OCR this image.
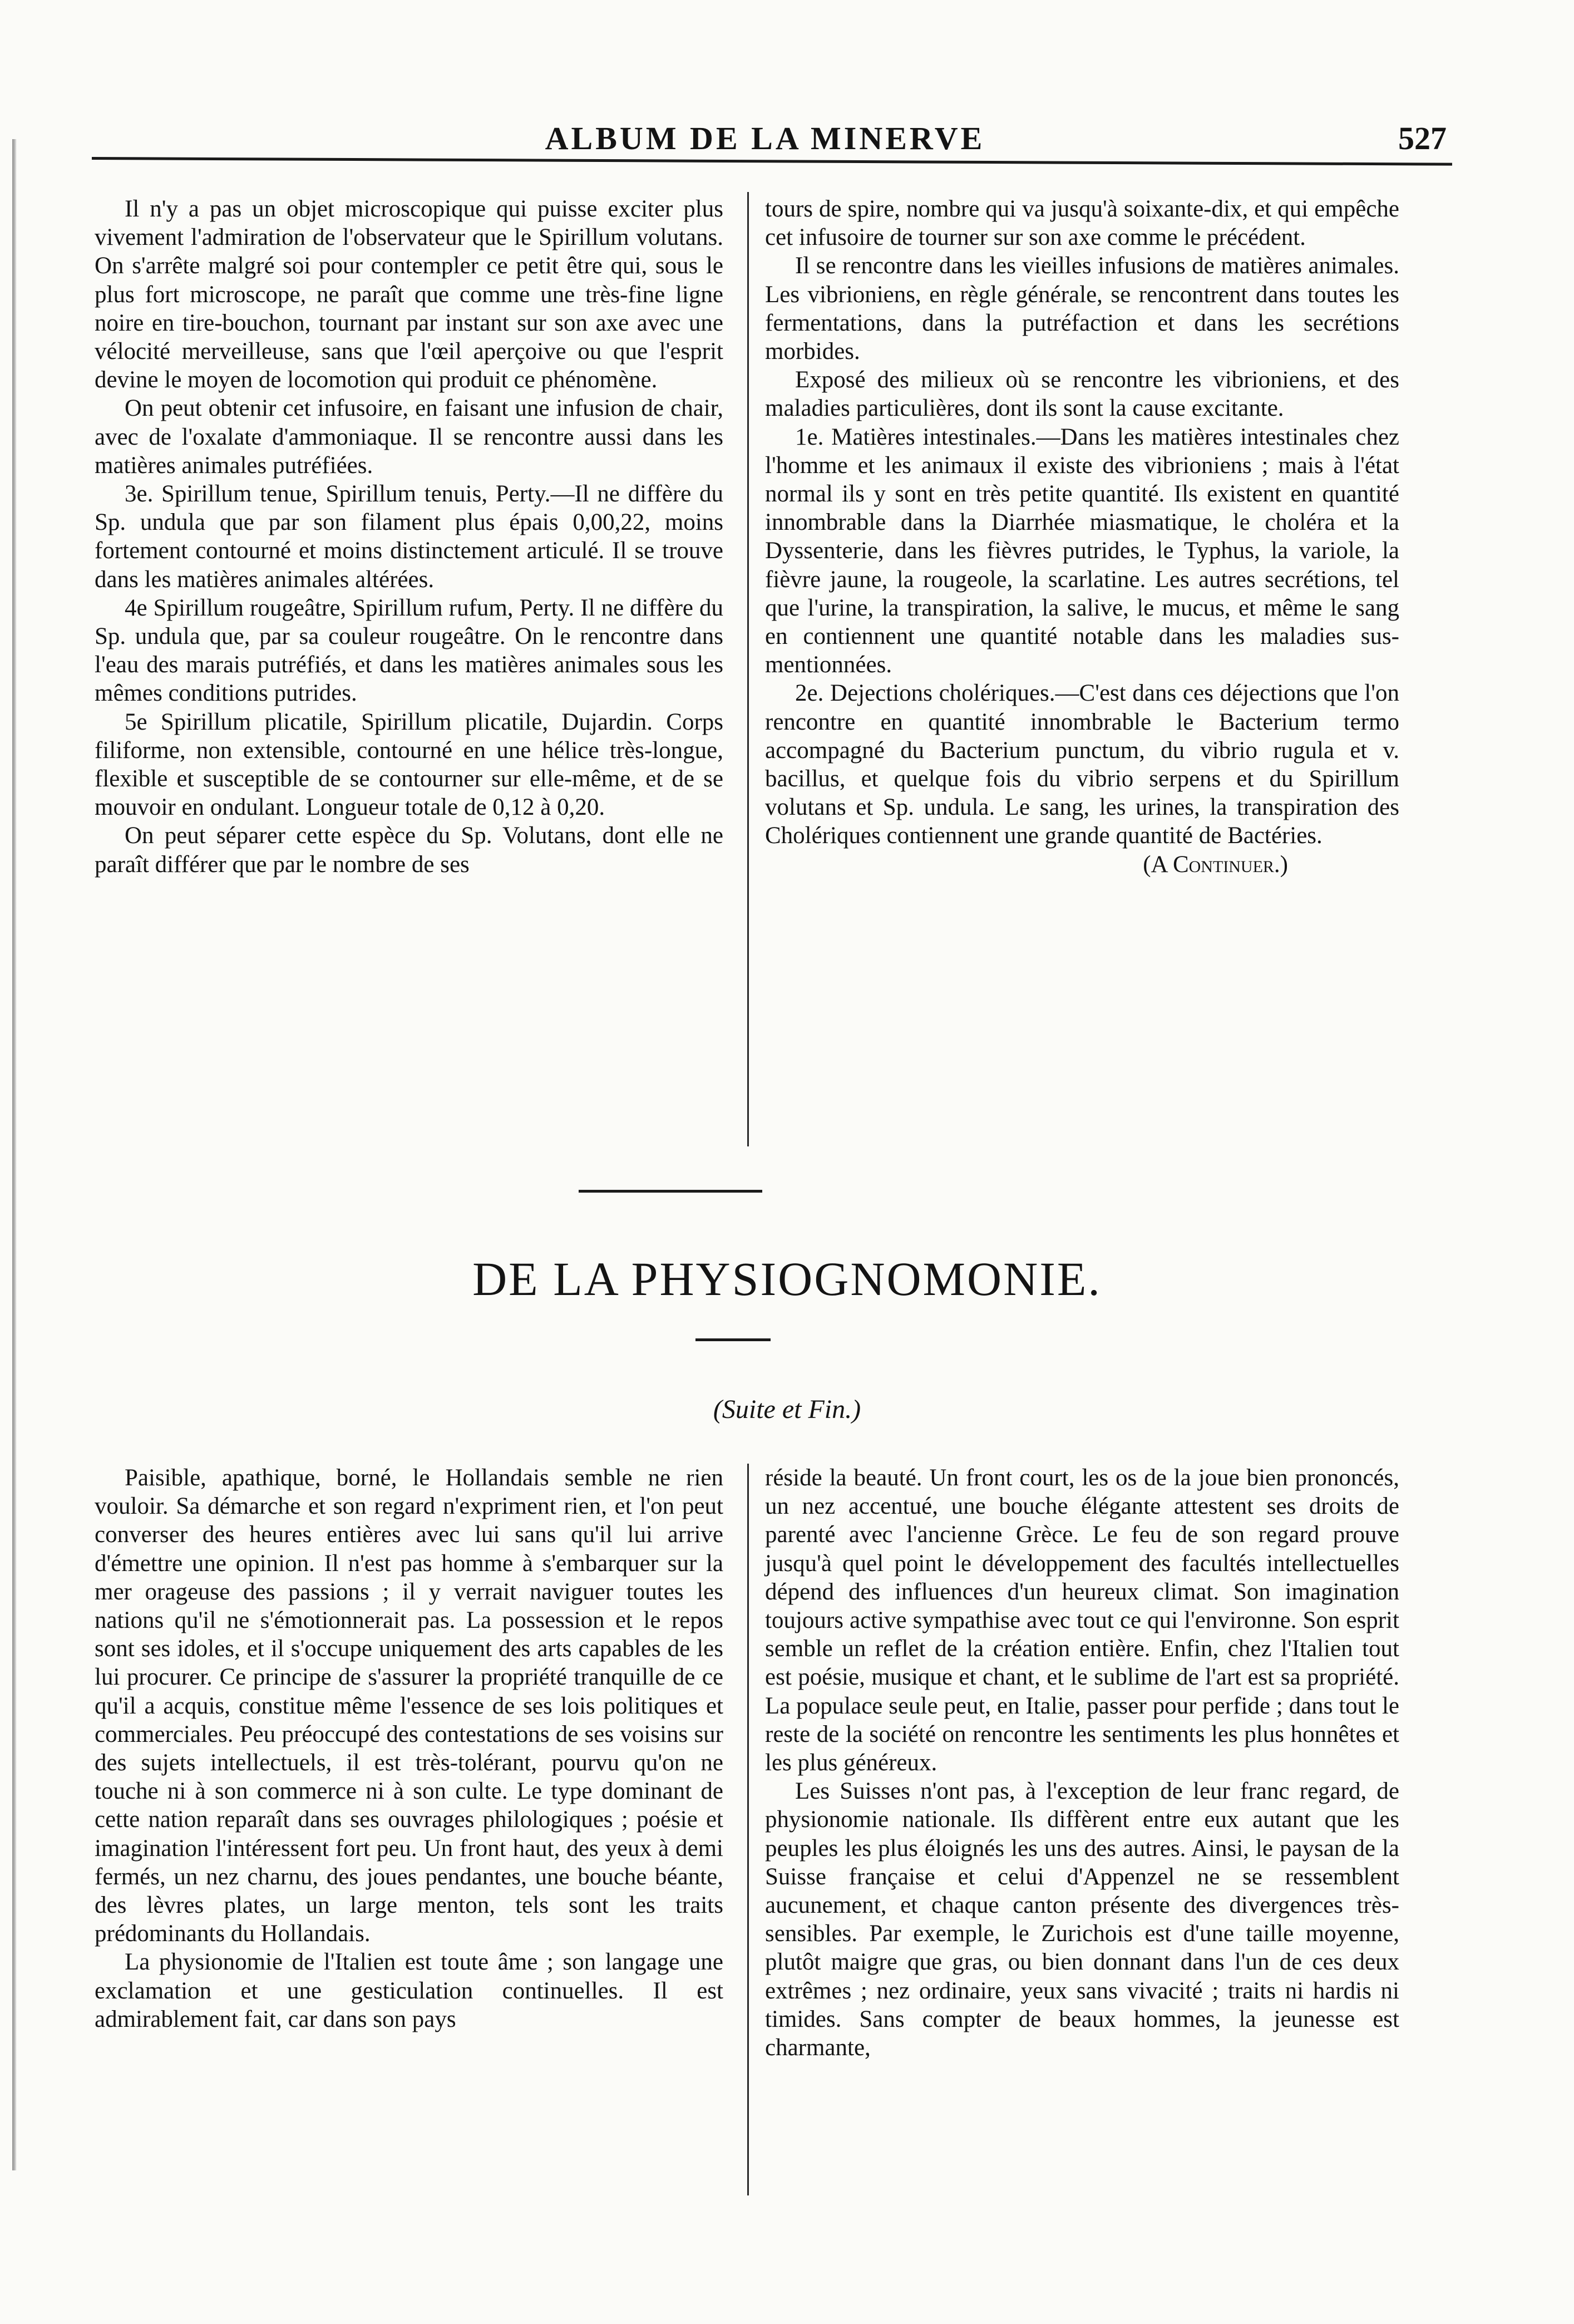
ALBUM DE LA MINERVE	527

Il n'y a pas un objet microscopique qui puisse exciter plus vivement l'admiration de l'observateur que le Spirillum volutans. On s'arrête malgré soi pour contempler ce petit être qui, sous le plus fort microscope, ne paraît que comme une très-fine ligne noire en tire-bouchon, tournant par instant sur son axe avec une vélocité merveilleuse, sans que l'œil aperçoive ou que l'esprit devine le moyen de locomotion qui produit ce phénomène.

On peut obtenir cet infusoire, en faisant une infusion de chair, avec de l'oxalate d'ammoniaque. Il se rencontre aussi dans les matières animales putréfiées.

3e. Spirillum tenue, Spirillum tenuis, Perty.—Il ne diffère du Sp. undula que par son filament plus épais 0,00,22, moins fortement contourné et moins distinctement articulé. Il se trouve dans les matières animales altérées.

4e Spirillum rougeâtre, Spirillum rufum, Perty. Il ne diffère du Sp. undula que, par sa couleur rougeâtre. On le rencontre dans l'eau des marais putréfiés, et dans les matières animales sous les mêmes conditions putrides.

5e Spirillum plicatile, Spirillum plicatile, Dujardin. Corps filiforme, non extensible, contourné en une hélice très-longue, flexible et susceptible de se contourner sur elle-même, et de se mouvoir en ondulant. Longueur totale de 0,12 à 0,20.

On peut séparer cette espèce du Sp. Volutans, dont elle ne paraît différer que par le nombre de ses

tours de spire, nombre qui va jusqu'à soixante-dix, et qui empêche cet infusoire de tourner sur son axe comme le précédent.

Il se rencontre dans les vieilles infusions de matières animales. Les vibrioniens, en règle générale, se rencontrent dans toutes les fermentations, dans la putréfaction et dans les secrétions morbides.

Exposé des milieux où se rencontre les vibrioniens, et des maladies particulières, dont ils sont la cause excitante.

1e. Matières intestinales.—Dans les matières intestinales chez l'homme et les animaux il existe des vibrioniens ; mais à l'état normal ils y sont en très petite quantité. Ils existent en quantité innombrable dans la Diarrhée miasmatique, le choléra et la Dyssenterie, dans les fièvres putrides, le Typhus, la variole, la fièvre jaune, la rougeole, la scarlatine. Les autres secrétions, tel que l'urine, la transpiration, la salive, le mucus, et même le sang en contiennent une quantité notable dans les maladies sus-mentionnées.

2e. Dejections cholériques.—C'est dans ces déjections que l'on rencontre en quantité innombrable le Bacterium termo accompagné du Bacterium punctum, du vibrio rugula et v. bacillus, et quelque fois du vibrio serpens et du Spirillum volutans et Sp. undula. Le sang, les urines, la transpiration des Cholériques contiennent une grande quantité de Bactéries.

(A Continuer.)

DE LA PHYSIOGNOMONIE.
(Suite et Fin.)

Paisible, apathique, borné, le Hollandais semble ne rien vouloir. Sa démarche et son regard n'expriment rien, et l'on peut converser des heures entières avec lui sans qu'il lui arrive d'émettre une opinion. Il n'est pas homme à s'embarquer sur la mer orageuse des passions ; il y verrait naviguer toutes les nations qu'il ne s'émotionnerait pas. La possession et le repos sont ses idoles, et il s'occupe uniquement des arts capables de les lui procurer. Ce principe de s'assurer la propriété tranquille de ce qu'il a acquis, constitue même l'essence de ses lois politiques et commerciales. Peu préoccupé des contestations de ses voisins sur des sujets intellectuels, il est très-tolérant, pourvu qu'on ne touche ni à son commerce ni à son culte. Le type dominant de cette nation reparaît dans ses ouvrages philologiques ; poésie et imagination l'intéressent fort peu. Un front haut, des yeux à demi fermés, un nez charnu, des joues pendantes, une bouche béante, des lèvres plates, un large menton, tels sont les traits prédominants du Hollandais.

La physionomie de l'Italien est toute âme ; son langage une exclamation et une gesticulation continuelles. Il est admirablement fait, car dans son pays

réside la beauté. Un front court, les os de la joue bien prononcés, un nez accentué, une bouche élégante attestent ses droits de parenté avec l'ancienne Grèce. Le feu de son regard prouve jusqu'à quel point le développement des facultés intellectuelles dépend des influences d'un heureux climat. Son imagination toujours active sympathise avec tout ce qui l'environne. Son esprit semble un reflet de la création entière. Enfin, chez l'Italien tout est poésie, musique et chant, et le sublime de l'art est sa propriété. La populace seule peut, en Italie, passer pour perfide ; dans tout le reste de la société on rencontre les sentiments les plus honnêtes et les plus généreux.

Les Suisses n'ont pas, à l'exception de leur franc regard, de physionomie nationale. Ils diffèrent entre eux autant que les peuples les plus éloignés les uns des autres. Ainsi, le paysan de la Suisse française et celui d'Appenzel ne se ressemblent aucunement, et chaque canton présente des divergences très-sensibles. Par exemple, le Zurichois est d'une taille moyenne, plutôt maigre que gras, ou bien donnant dans l'un de ces deux extrêmes ; nez ordinaire, yeux sans vivacité ; traits ni hardis ni timides. Sans compter de beaux hommes, la jeunesse est charmante,
